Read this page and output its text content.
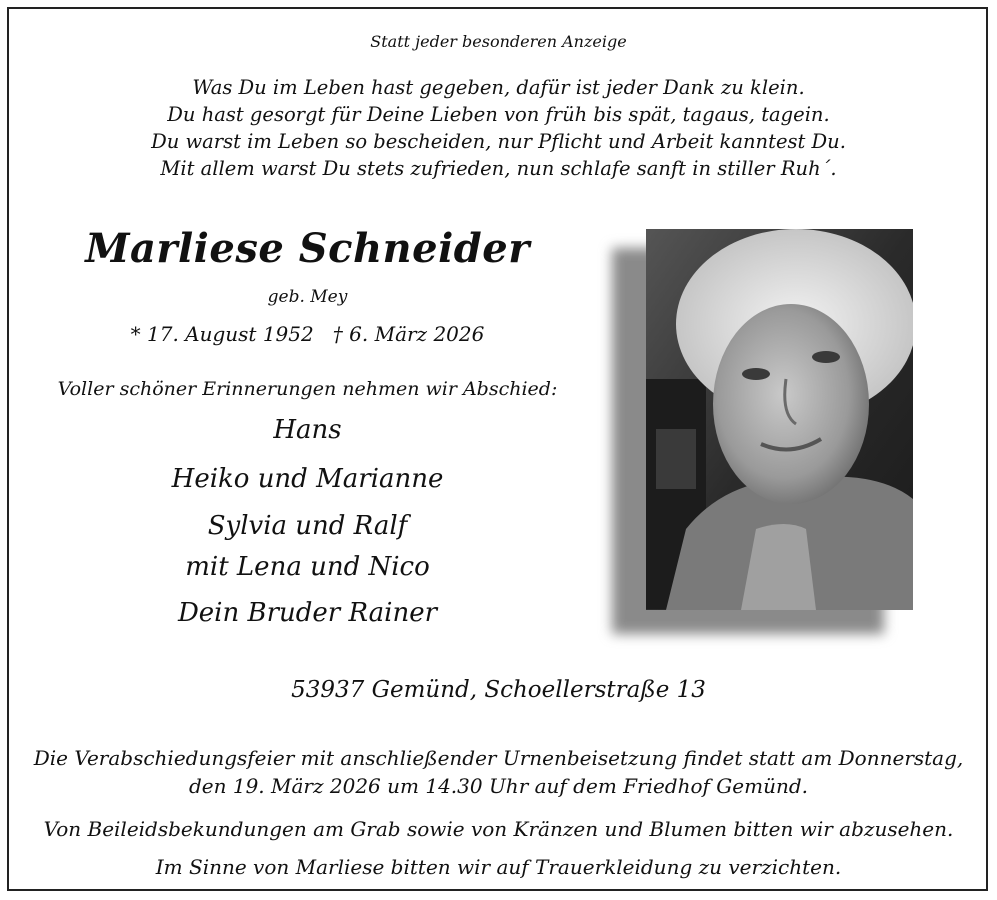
Statt jeder besonderen Anzeige
Was Du im Leben hast gegeben, dafür ist jeder Dank zu klein.
Du hast gesorgt für Deine Lieben von früh bis spät, tagaus, tagein.
Du warst im Leben so bescheiden, nur Pflicht und Arbeit kanntest Du.
Mit allem warst Du stets zufrieden, nun schlafe sanft in stiller Ruh´.
Marliese Schneider
geb. Mey
* 17. August 1952   † 6. März 2026
Voller schöner Erinnerungen nehmen wir Abschied:
Hans
Heiko und Marianne
Sylvia und Ralf
mit Lena und Nico
Dein Bruder Rainer
53937 Gemünd, Schoellerstraße 13
Die Verabschiedungsfeier mit anschließender Urnenbeisetzung findet statt am Donnerstag,
den 19. März 2026 um 14.30 Uhr auf dem Friedhof Gemünd.
Von Beileidsbekundungen am Grab sowie von Kränzen und Blumen bitten wir abzusehen.
Im Sinne von Marliese bitten wir auf Trauerkleidung zu verzichten.
